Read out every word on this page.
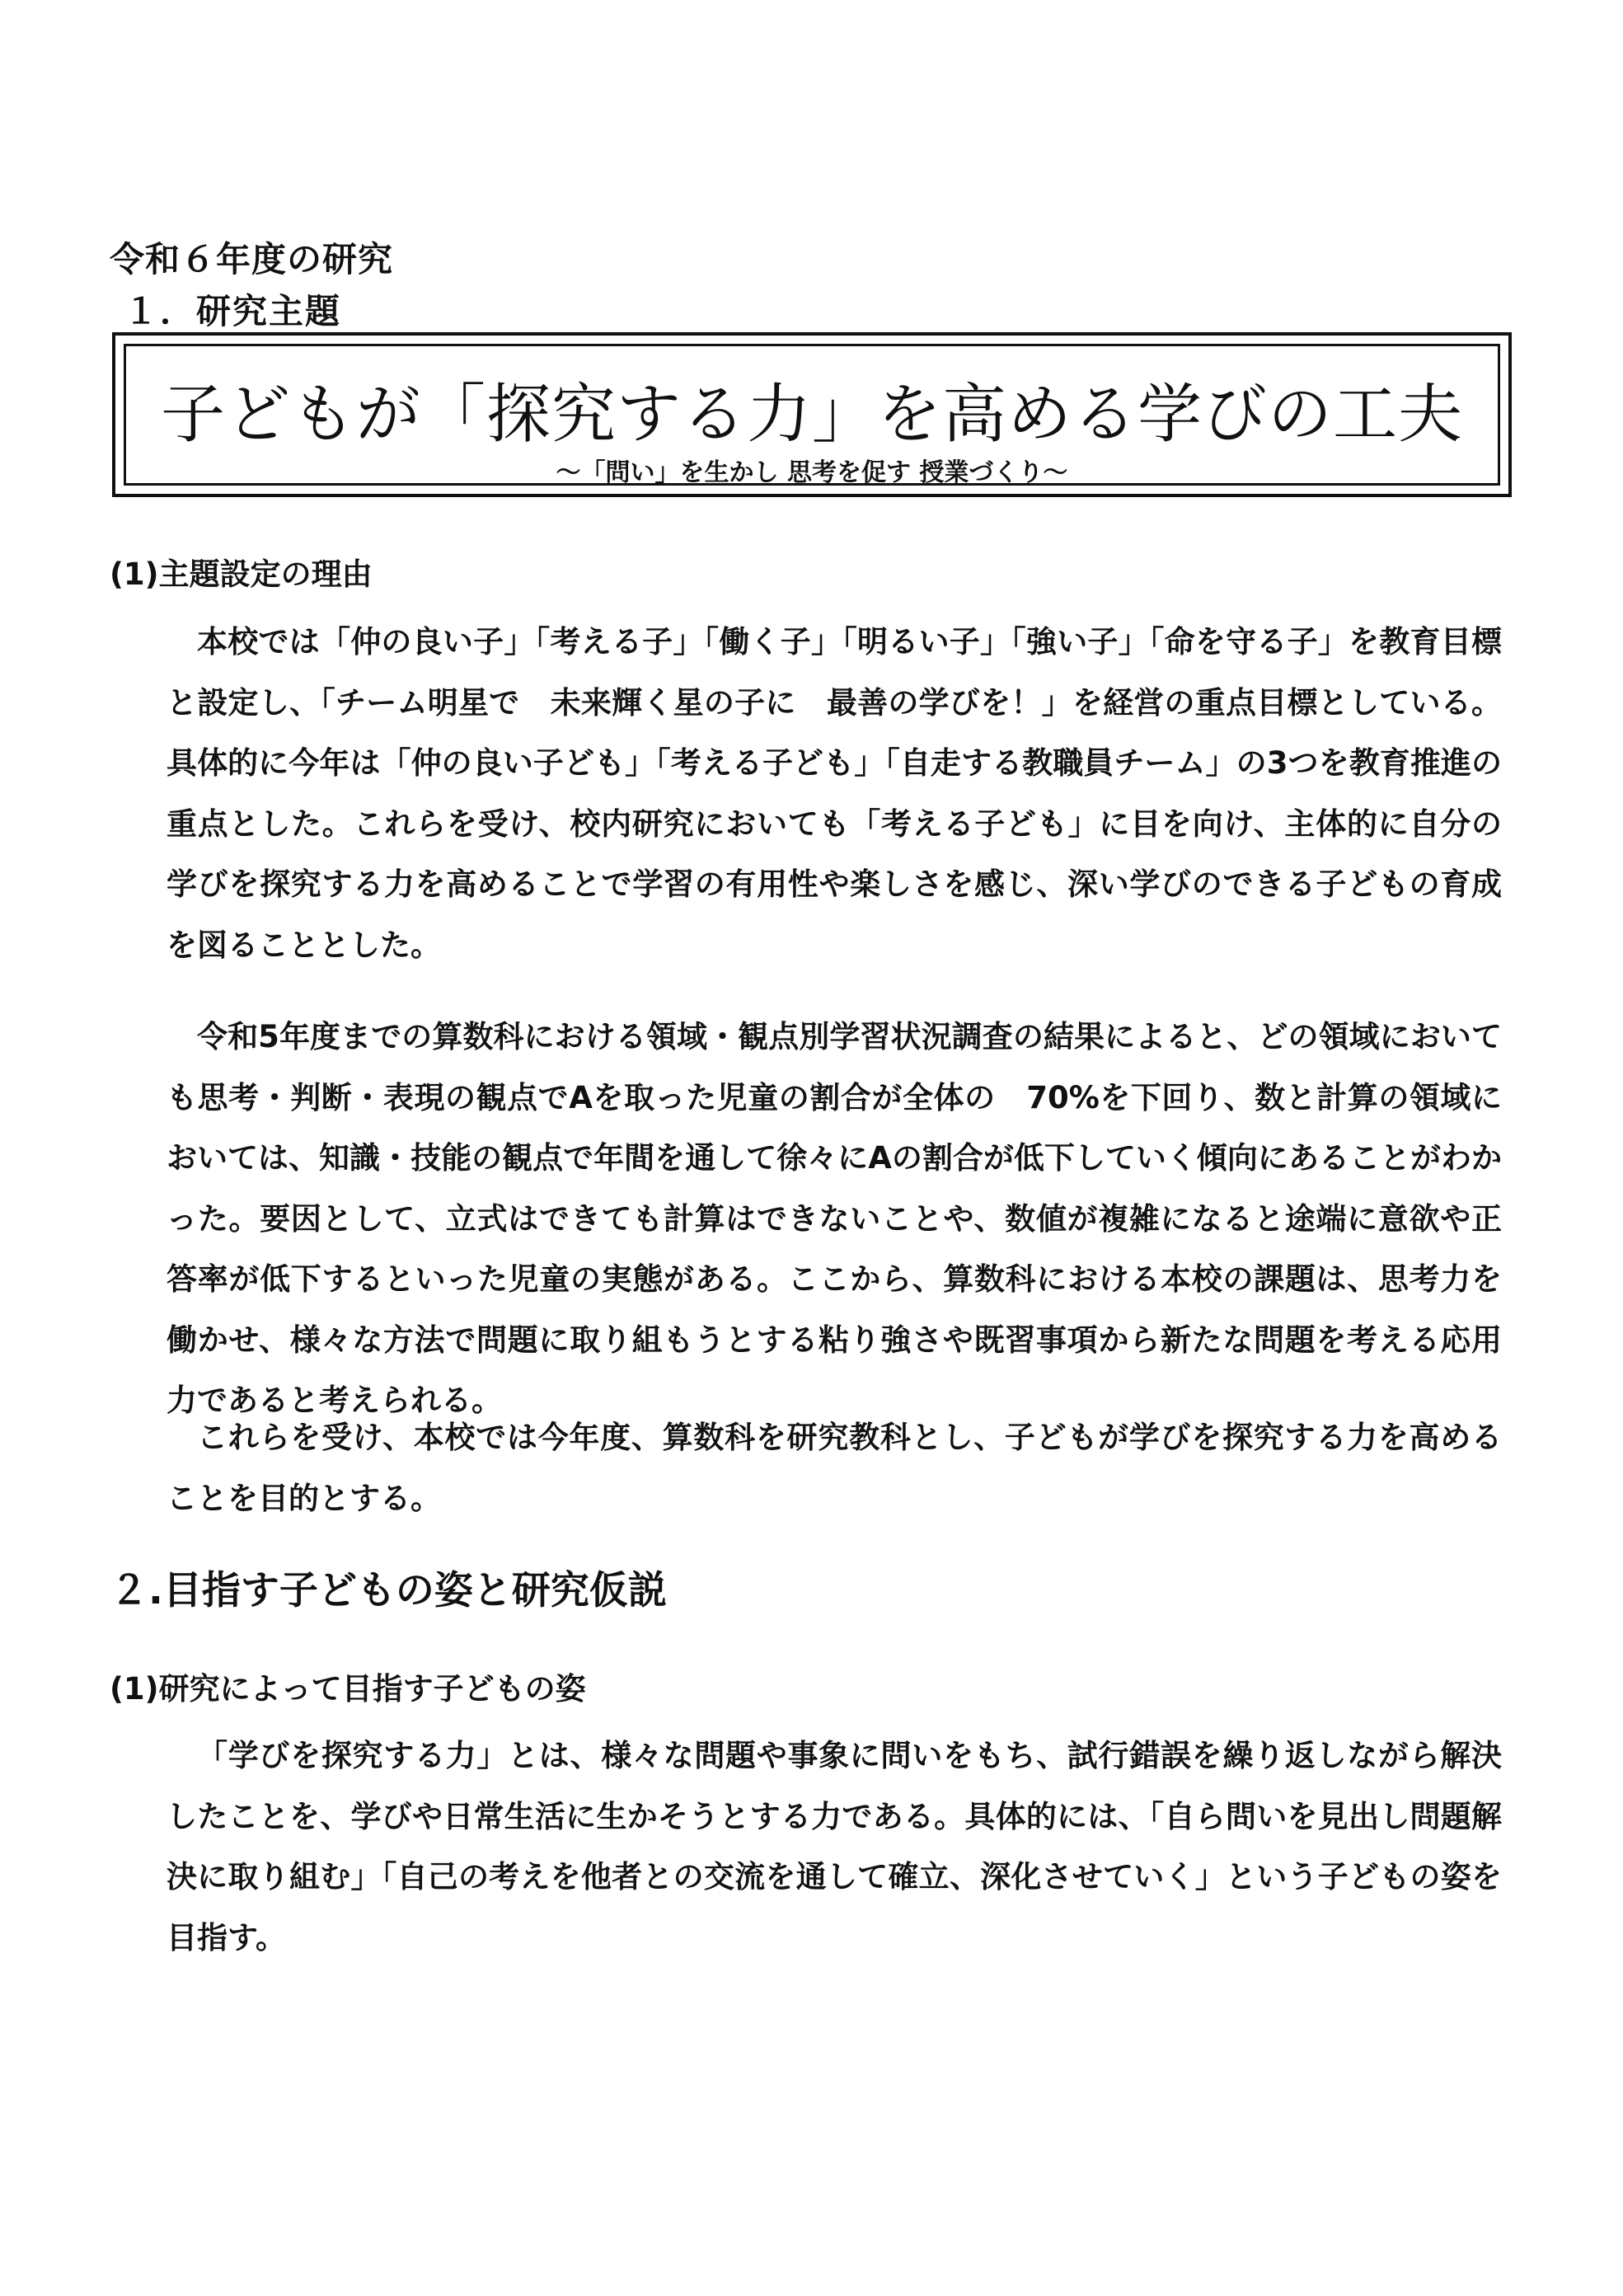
令和６年度の研究
１．研究主題
子どもが「探究する力」を高める学びの工夫
～「問い」を生かし 思考を促す 授業づくり～
(1)主題設定の理由

本校では「仲の良い子」「考える子」「働く子」「明るい子」「強い子」「命を守る子」を教育目標と設定し、「チーム明星で　未来輝く星の子に　最善の学びを！」を経営の重点目標としている。具体的に今年は「仲の良い子ども」「考える子ども」「自走する教職員チーム」の3つを教育推進の重点とした。これらを受け、校内研究においても「考える子ども」に目を向け、主体的に自分の学びを探究する力を高めることで学習の有用性や楽しさを感じ、深い学びのできる子どもの育成を図ることとした。

令和5年度までの算数科における領域・観点別学習状況調査の結果によると、どの領域においても思考・判断・表現の観点でAを取った児童の割合が全体の　70%を下回り、数と計算の領域においては、知識・技能の観点で年間を通して徐々にAの割合が低下していく傾向にあることがわかった。要因として、立式はできても計算はできないことや、数値が複雑になると途端に意欲や正答率が低下するといった児童の実態がある。ここから、算数科における本校の課題は、思考力を働かせ、様々な方法で問題に取り組もうとする粘り強さや既習事項から新たな問題を考える応用力であると考えられる。

これらを受け、本校では今年度、算数科を研究教科とし、子どもが学びを探究する力を高めることを目的とする。

２.目指す子どもの姿と研究仮説
(1)研究によって目指す子どもの姿

「学びを探究する力」とは、様々な問題や事象に問いをもち、試行錯誤を繰り返しながら解決したことを、学びや日常生活に生かそうとする力である。具体的には、「自ら問いを見出し問題解決に取り組む」「自己の考えを他者との交流を通して確立、深化させていく」という子どもの姿を目指す。
